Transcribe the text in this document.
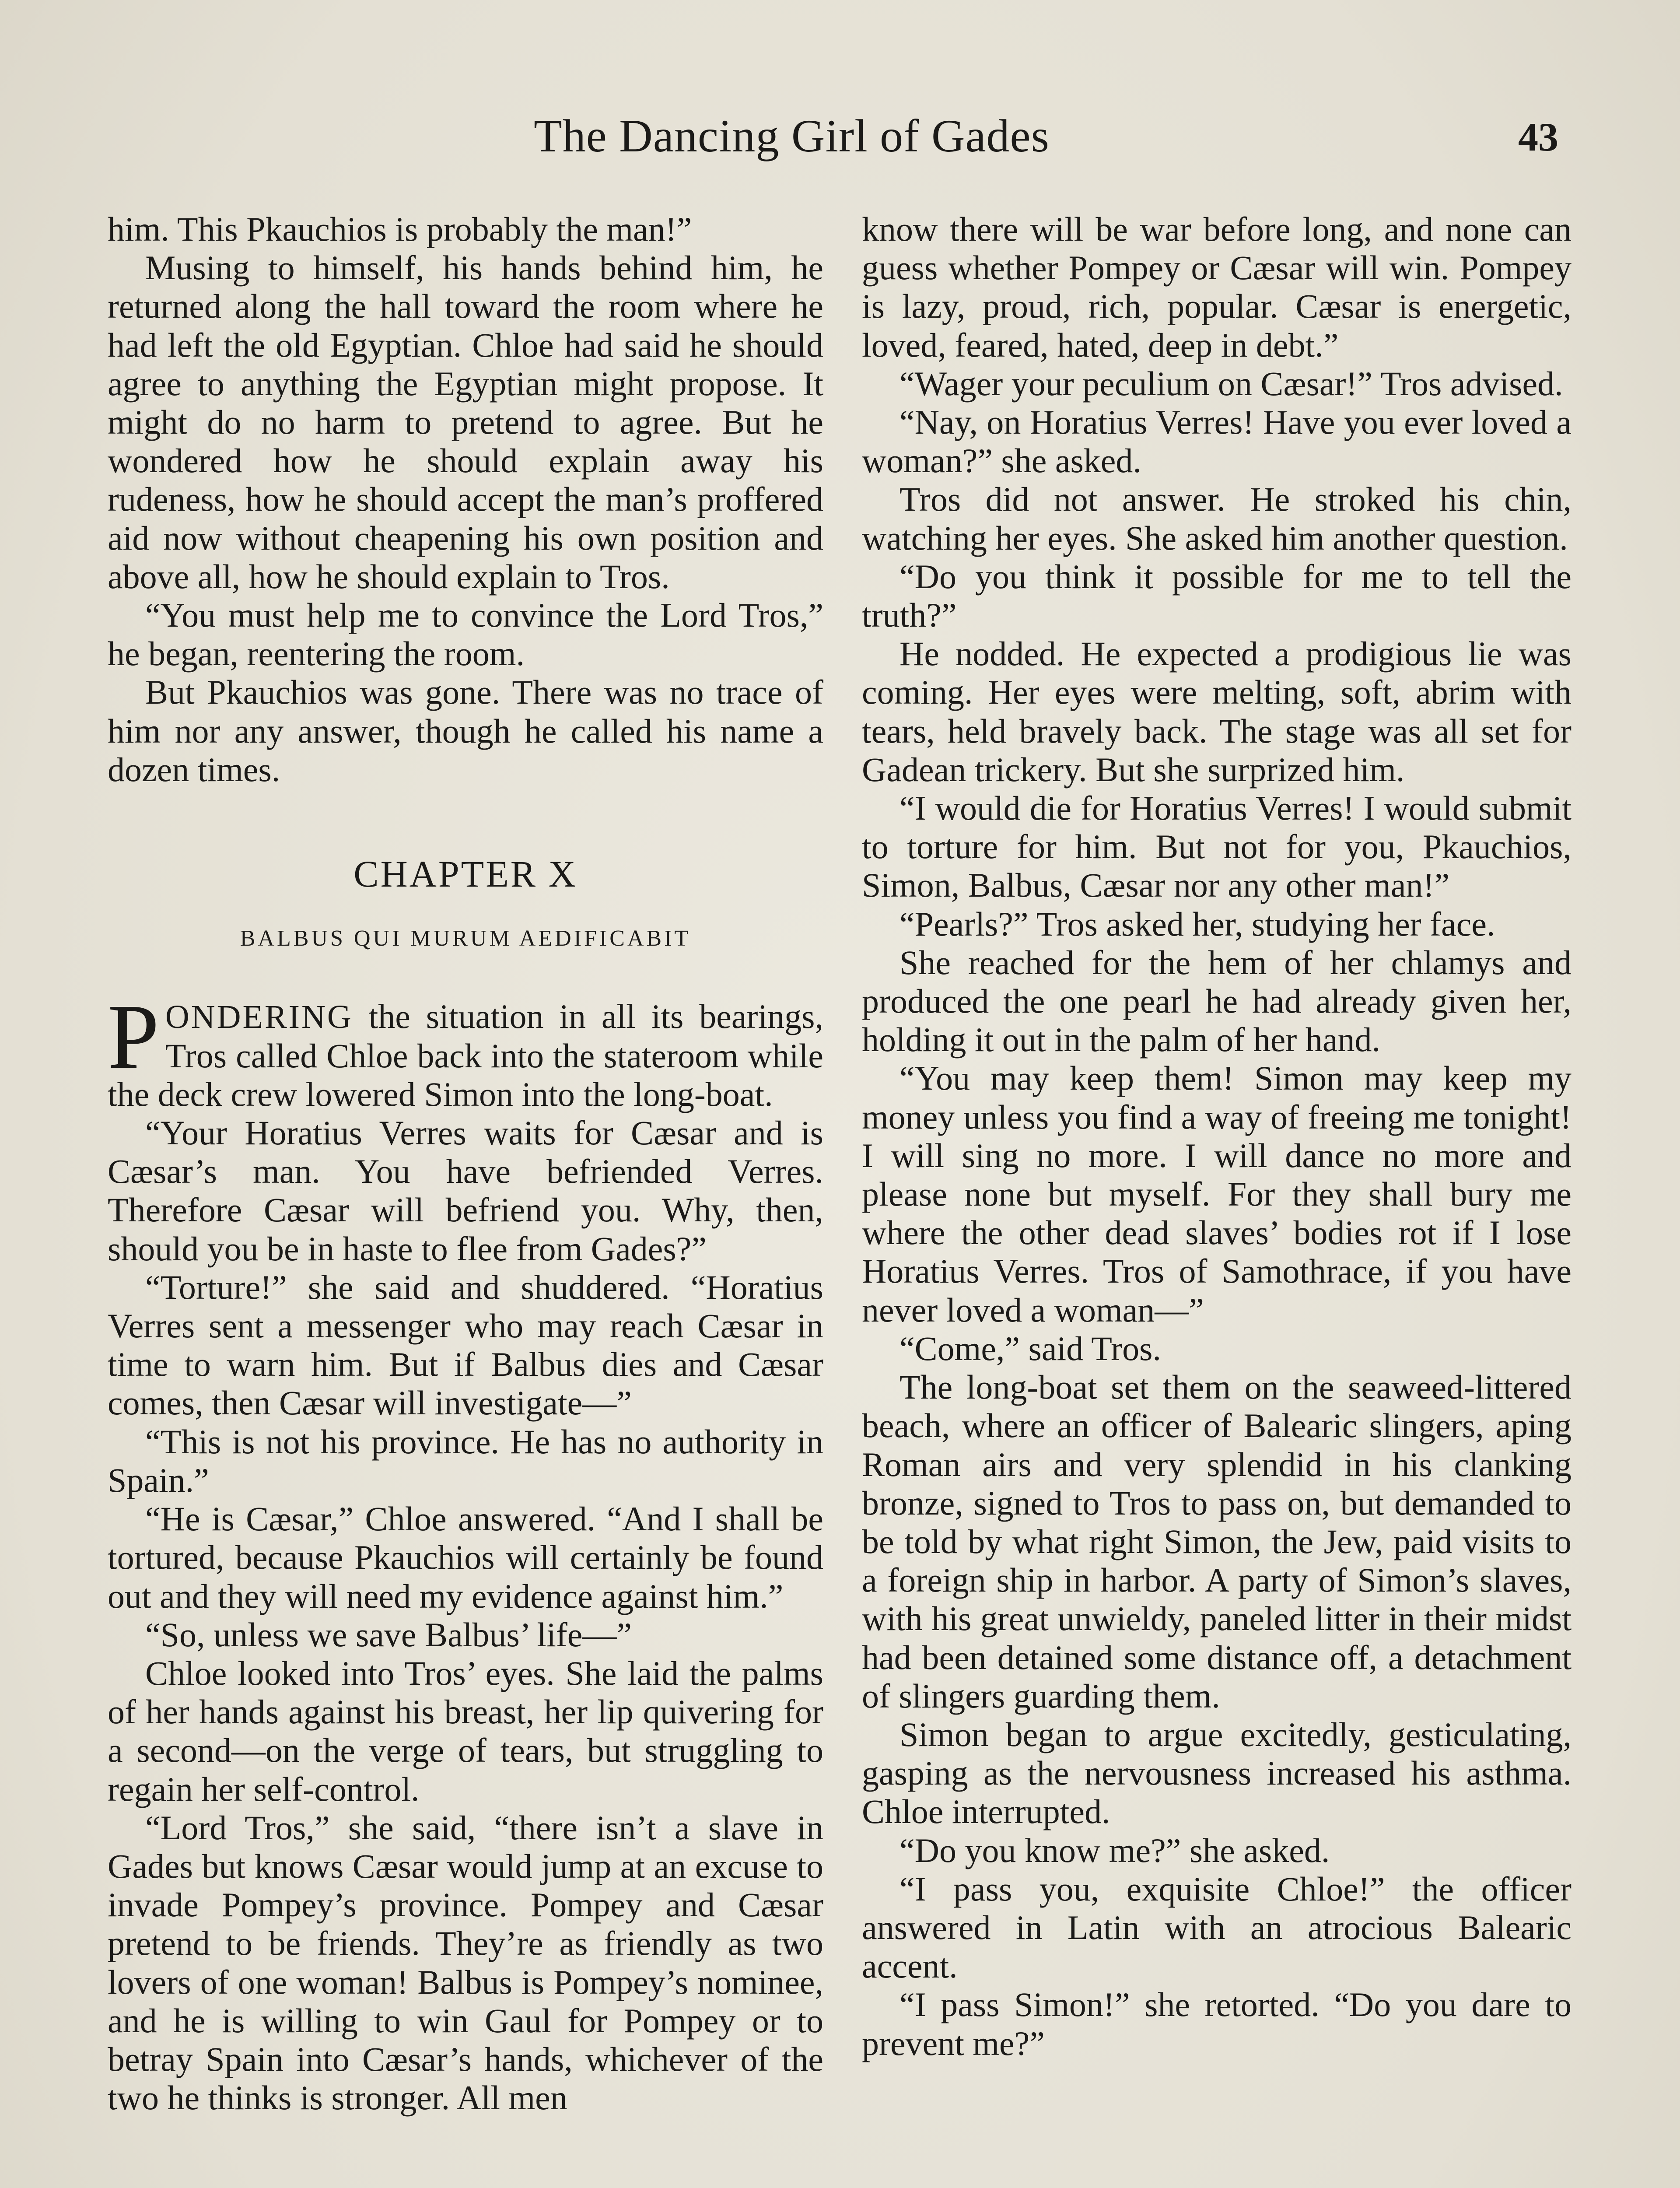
The Dancing Girl of Gades	43

him. This Pkauchios is probably the man!”

Musing to himself, his hands behind him, he returned along the hall toward the room where he had left the old Egyptian. Chloe had said he should agree to anything the Egyptian might propose. It might do no harm to pretend to agree. But he wondered how he should explain away his rudeness, how he should accept the man’s proffered aid now without cheapening his own position and above all, how he should explain to Tros.

“You must help me to convince the Lord Tros,” he began, reentering the room.

But Pkauchios was gone. There was no trace of him nor any answer, though he called his name a dozen times.

CHAPTER X
BALBUS QUI MURUM AEDIFICABIT

PONDERING the situation in all its bearings, Tros called Chloe back into the stateroom while the deck crew lowered Simon into the long-boat.

“Your Horatius Verres waits for Cæsar and is Cæsar’s man. You have befriended Verres. Therefore Cæsar will befriend you. Why, then, should you be in haste to flee from Gades?”

“Torture!” she said and shuddered. “Horatius Verres sent a messenger who may reach Cæsar in time to warn him. But if Balbus dies and Cæsar comes, then Cæsar will investigate—”

“This is not his province. He has no authority in Spain.”

“He is Cæsar,” Chloe answered. “And I shall be tortured, because Pkauchios will certainly be found out and they will need my evidence against him.”

“So, unless we save Balbus’ life—”

Chloe looked into Tros’ eyes. She laid the palms of her hands against his breast, her lip quivering for a second—on the verge of tears, but struggling to regain her self-control.

“Lord Tros,” she said, “there isn’t a slave in Gades but knows Cæsar would jump at an excuse to invade Pompey’s province. Pompey and Cæsar pretend to be friends. They’re as friendly as two lovers of one woman! Balbus is Pompey’s nominee, and he is willing to win Gaul for Pompey or to betray Spain into Cæsar’s hands, whichever of the two he thinks is stronger. All men

know there will be war before long, and none can guess whether Pompey or Cæsar will win. Pompey is lazy, proud, rich, popular. Cæsar is energetic, loved, feared, hated, deep in debt.”

“Wager your peculium on Cæsar!” Tros advised.

“Nay, on Horatius Verres! Have you ever loved a woman?” she asked.

Tros did not answer. He stroked his chin, watching her eyes. She asked him another question.

“Do you think it possible for me to tell the truth?”

He nodded. He expected a prodigious lie was coming. Her eyes were melting, soft, abrim with tears, held bravely back. The stage was all set for Gadean trickery. But she surprized him.

“I would die for Horatius Verres! I would submit to torture for him. But not for you, Pkauchios, Simon, Balbus, Cæsar nor any other man!”

“Pearls?” Tros asked her, studying her face.

She reached for the hem of her chlamys and produced the one pearl he had already given her, holding it out in the palm of her hand.

“You may keep them! Simon may keep my money unless you find a way of freeing me tonight! I will sing no more. I will dance no more and please none but myself. For they shall bury me where the other dead slaves’ bodies rot if I lose Horatius Verres. Tros of Samothrace, if you have never loved a woman—”

“Come,” said Tros.

The long-boat set them on the seaweed-littered beach, where an officer of Balearic slingers, aping Roman airs and very splendid in his clanking bronze, signed to Tros to pass on, but demanded to be told by what right Simon, the Jew, paid visits to a foreign ship in harbor. A party of Simon’s slaves, with his great unwieldy, paneled litter in their midst had been detained some distance off, a detachment of slingers guarding them.

Simon began to argue excitedly, gesticulating, gasping as the nervousness increased his asthma. Chloe interrupted.

“Do you know me?” she asked.

“I pass you, exquisite Chloe!” the officer answered in Latin with an atrocious Balearic accent.

“I pass Simon!” she retorted. “Do you dare to prevent me?”
